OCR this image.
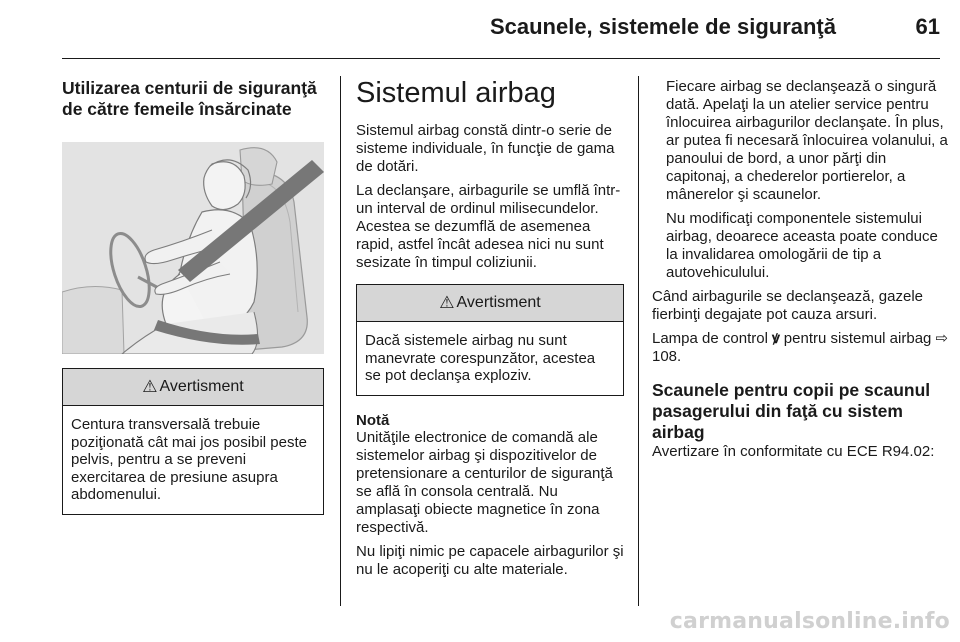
Scaunele, sistemele de siguranţă	61
Utilizarea centurii de siguranţă de către femeile însărcinate
⚠ Avertisment
Centura transversală trebuie poziţionată cât mai jos posibil peste pelvis, pentru a se preveni exercitarea de presiune asupra abdomenului.
Sistemul airbag

Sistemul airbag constă dintr-o serie de sisteme individuale, în funcţie de gama de dotări.

La declanşare, airbagurile se umflă într-un interval de ordinul milisecundelor. Acestea se dezumflă de asemenea rapid, astfel încât adesea nici nu sunt sesizate în timpul coliziunii.

⚠ Avertisment
Dacă sistemele airbag nu sunt manevrate corespunzător, acestea se pot declanşa exploziv.
Notă

Unităţile electronice de comandă ale sistemelor airbag şi dispozitivelor de pretensionare a centurilor de siguranţă se află în consola centrală. Nu amplasaţi obiecte magnetice în zona respectivă.

Nu lipiţi nimic pe capacele airbagurilor şi nu le acoperiţi cu alte materiale.

Fiecare airbag se declanşează o singură dată. Apelaţi la un atelier service pentru înlocuirea airbagurilor declanşate. În plus, ar putea fi necesară înlocuirea volanului, a panoului de bord, a unor părţi din capitonaj, a chederelor portierelor, a mânerelor şi scaunelor.

Nu modificaţi componentele sistemului airbag, deoarece aceasta poate conduce la invalidarea omologării de tip a autovehiculului.

Când airbagurile se declanşează, gazele fierbinţi degajate pot cauza arsuri.

Lampa de control ꝟ pentru sistemul airbag ⇨ 108.

Scaunele pentru copii pe scaunul pasagerului din faţă cu sistem airbag

Avertizare în conformitate cu ECE R94.02:

carmanualsonline.info
